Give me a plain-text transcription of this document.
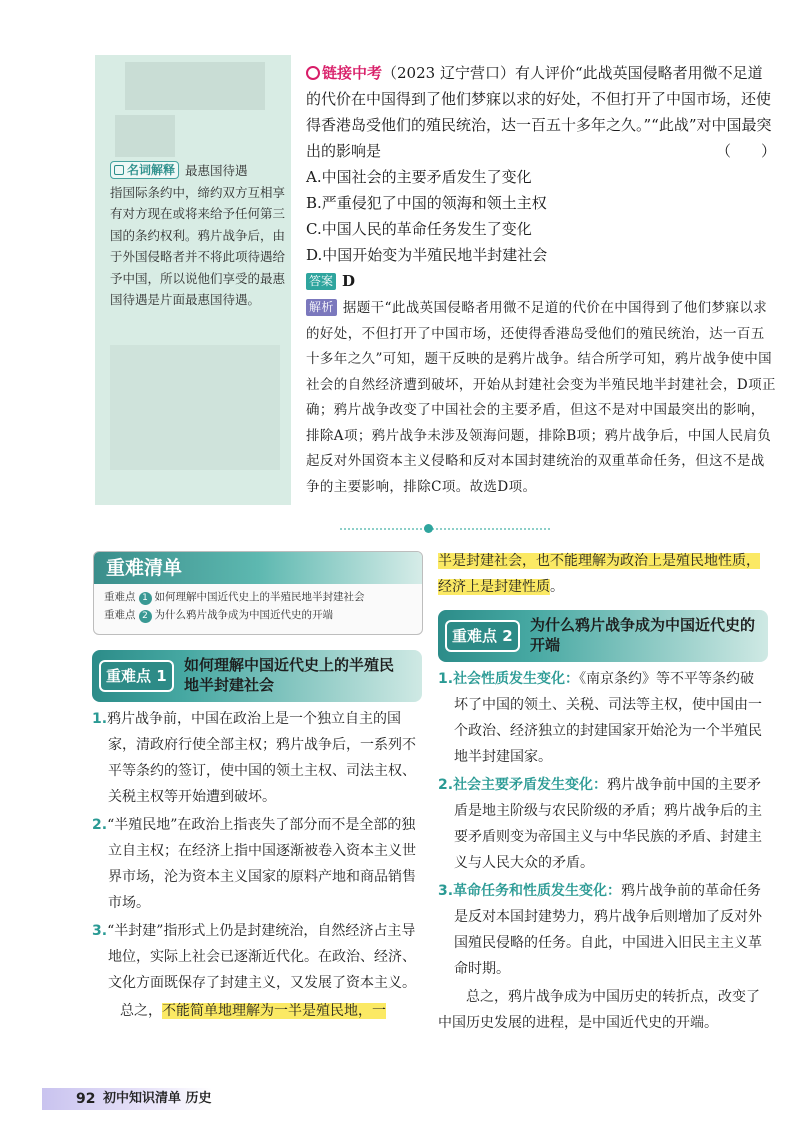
名词解释 最惠国待遇
指国际条约中，缔约双方互相享有对方现在或将来给予任何第三国的条约权利。鸦片战争后，由于外国侵略者并不将此项待遇给予中国，所以说他们享受的最惠国待遇是片面最惠国待遇。
链接中考（2023 辽宁营口）有人评价“此战英国侵略者用微不足道的代价在中国得到了他们梦寐以求的好处，不但打开了中国市场，还使得香港岛受他们的殖民统治，达一百五十多年之久。”“此战”对中国最突出的影响是	（　　）
A.中国社会的主要矛盾发生了变化
B.严重侵犯了中国的领海和领土主权
C.中国人民的革命任务发生了变化
D.中国开始变为半殖民地半封建社会
答案 D
解析 据题干“此战英国侵略者用微不足道的代价在中国得到了他们梦寐以求的好处，不但打开了中国市场，还使得香港岛受他们的殖民统治，达一百五十多年之久”可知，题干反映的是鸦片战争。结合所学可知，鸦片战争使中国社会的自然经济遭到破坏，开始从封建社会变为半殖民地半封建社会，D项正确；鸦片战争改变了中国社会的主要矛盾，但这不是对中国最突出的影响，排除A项；鸦片战争未涉及领海问题，排除B项；鸦片战争后，中国人民肩负起反对外国资本主义侵略和反对本国封建统治的双重革命任务，但这不是战争的主要影响，排除C项。故选D项。
重难清单
重难点 1 如何理解中国近代史上的半殖民地半封建社会
重难点 2 为什么鸦片战争成为中国近代史的开端
重难点 1
如何理解中国近代史上的半殖民地半封建社会
1.鸦片战争前，中国在政治上是一个独立自主的国家，清政府行使全部主权；鸦片战争后，一系列不平等条约的签订，使中国的领土主权、司法主权、关税主权等开始遭到破坏。
2.“半殖民地”在政治上指丧失了部分而不是全部的独立自主权；在经济上指中国逐渐被卷入资本主义世界市场，沦为资本主义国家的原料产地和商品销售市场。
3.“半封建”指形式上仍是封建统治，自然经济占主导地位，实际上社会已逐渐近代化。在政治、经济、文化方面既保存了封建主义，又发展了资本主义。
总之，不能简单地理解为一半是殖民地，一
半是封建社会，也不能理解为政治上是殖民地性质，经济上是封建性质。
重难点 2
为什么鸦片战争成为中国近代史的开端
1.社会性质发生变化：《南京条约》等不平等条约破坏了中国的领土、关税、司法等主权，使中国由一个政治、经济独立的封建国家开始沦为一个半殖民地半封建国家。
2.社会主要矛盾发生变化：鸦片战争前中国的主要矛盾是地主阶级与农民阶级的矛盾；鸦片战争后的主要矛盾则变为帝国主义与中华民族的矛盾、封建主义与人民大众的矛盾。
3.革命任务和性质发生变化：鸦片战争前的革命任务是反对本国封建势力，鸦片战争后则增加了反对外国殖民侵略的任务。自此，中国进入旧民主主义革命时期。
总之，鸦片战争成为中国历史的转折点，改变了中国历史发展的进程，是中国近代史的开端。
92 初中知识清单 历史
